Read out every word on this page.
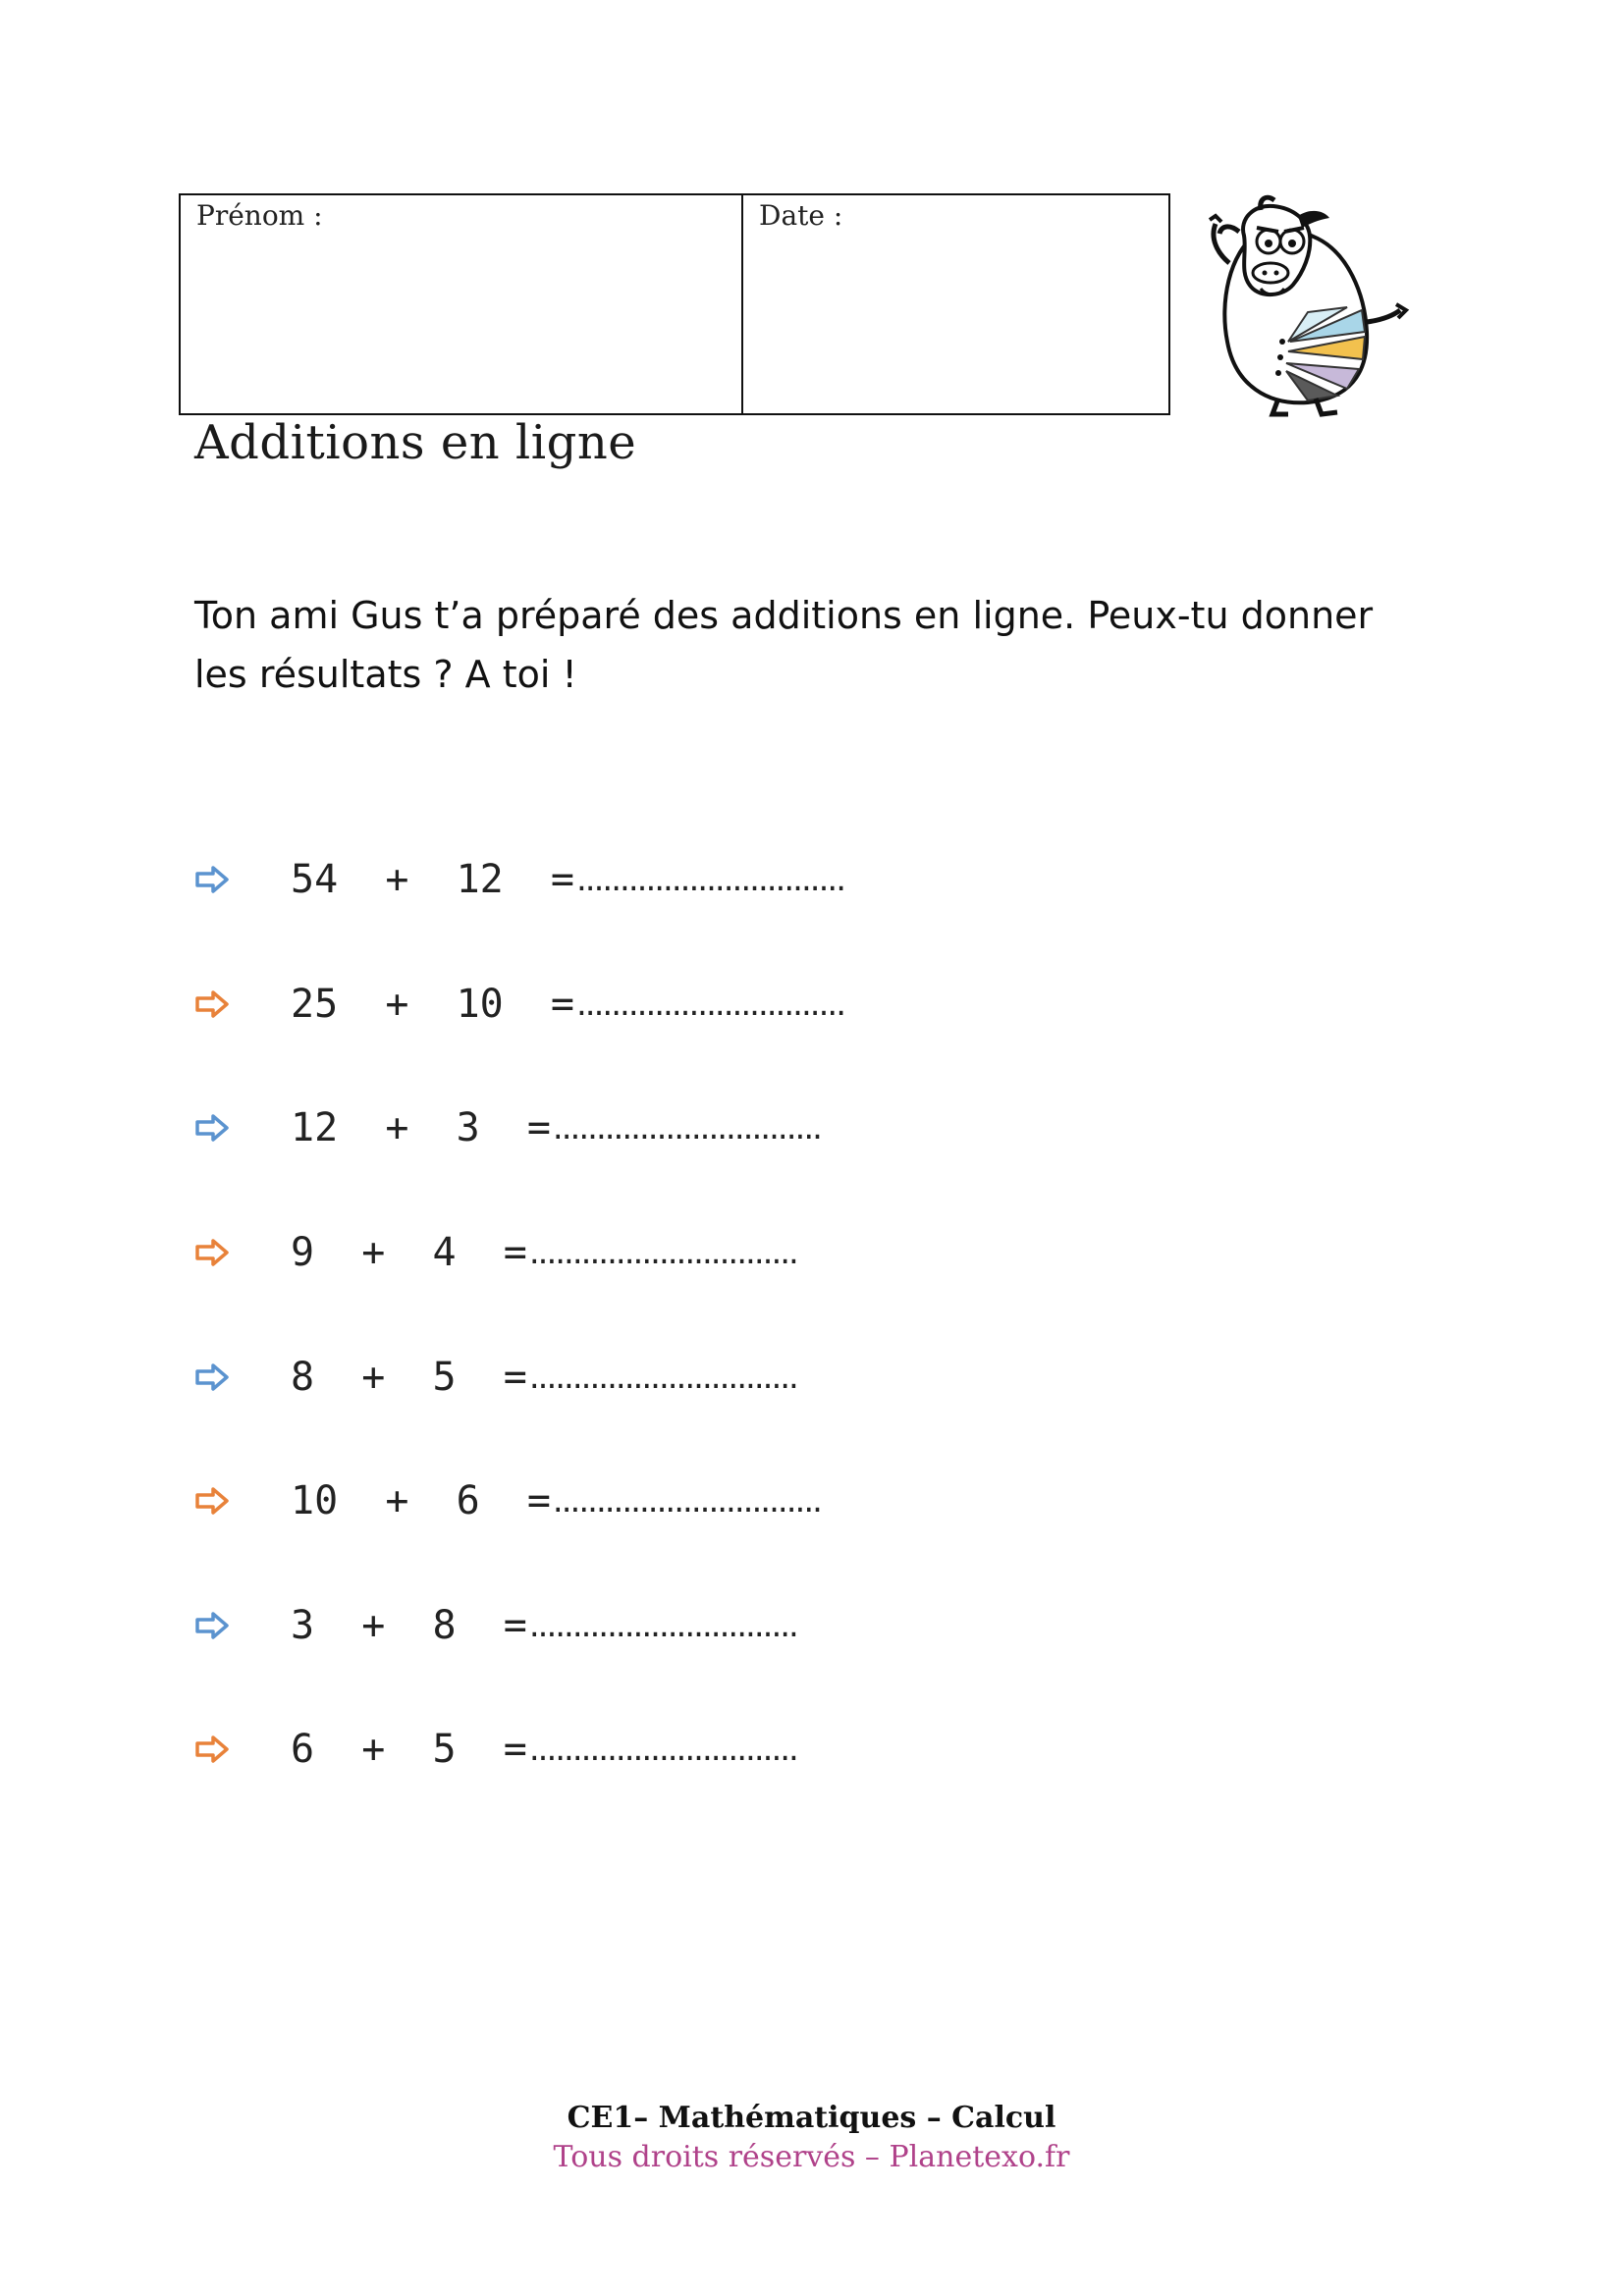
Prénom :	Date :
Additions en ligne
Ton ami Gus t’a préparé des additions en ligne. Peux-tu donner les résultats ? A toi !
54  +  12  = ...............................
25  +  10  = ...............................
12  +  3  = ...............................
9  +  4  = ...............................
8  +  5  = ...............................
10  +  6  = ...............................
3  +  8  = ...............................
6  +  5  = ...............................
CE1– Mathématiques – Calcul
Tous droits réservés – Planetexo.fr
